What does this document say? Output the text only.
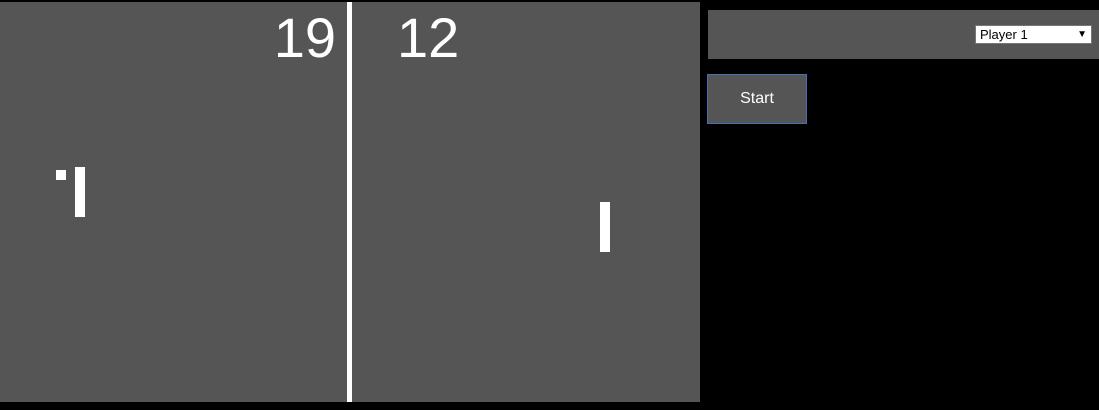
19 12	Player 1	▼
Start
